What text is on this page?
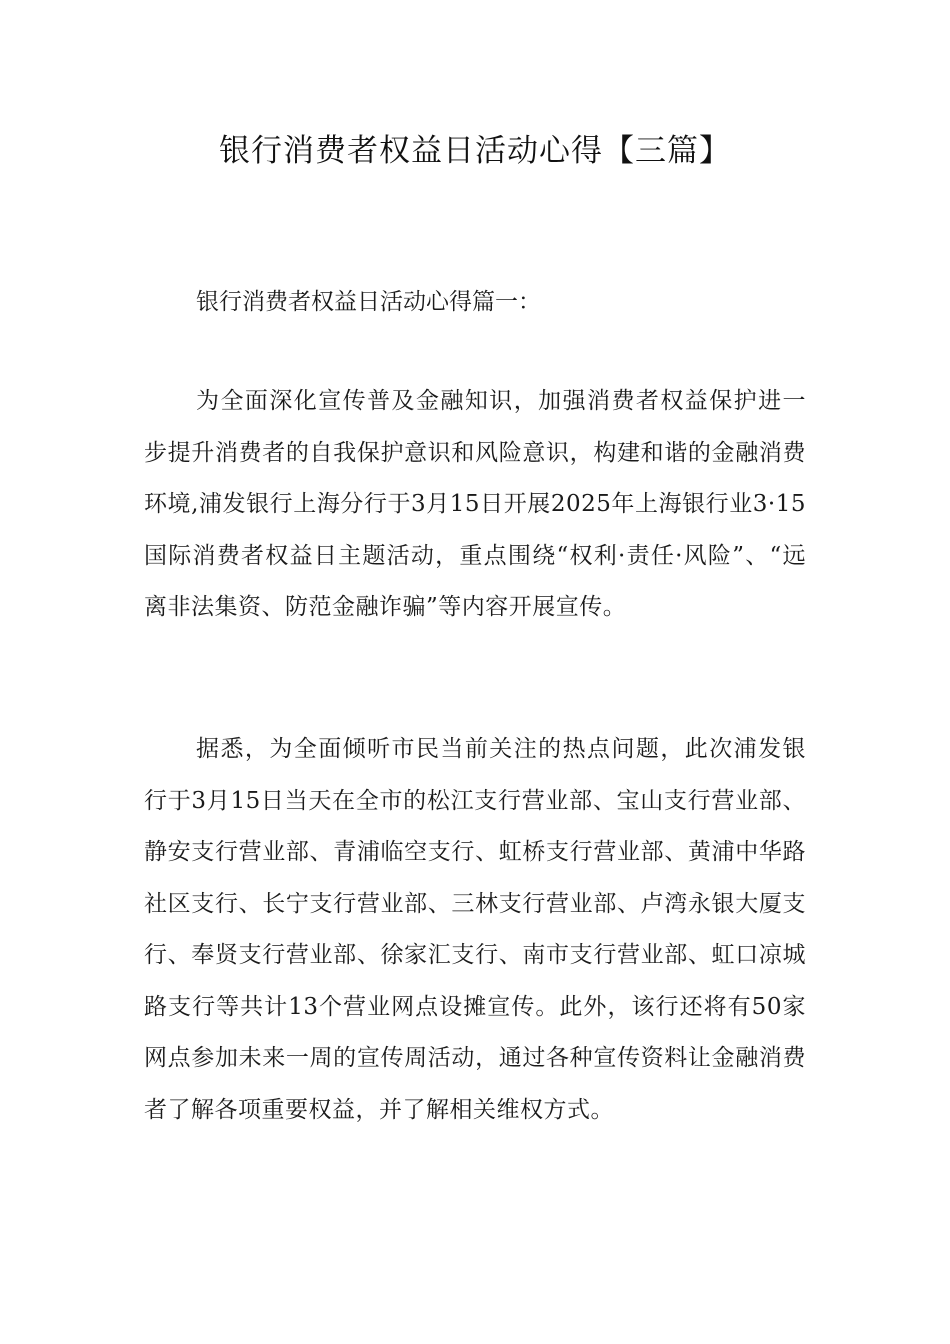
银行消费者权益日活动心得【三篇】

银行消费者权益日活动心得篇一：

为全面深化宣传普及金融知识，加强消费者权益保护进一步提升消费者的自我保护意识和风险意识，构建和谐的金融消费环境,浦发银行上海分行于3月15日开展2025年上海银行业3·15国际消费者权益日主题活动，重点围绕“权利·责任·风险”、“远离非法集资、防范金融诈骗”等内容开展宣传。

据悉，为全面倾听市民当前关注的热点问题，此次浦发银行于3月15日当天在全市的松江支行营业部、宝山支行营业部、静安支行营业部、青浦临空支行、虹桥支行营业部、黄浦中华路社区支行、长宁支行营业部、三林支行营业部、卢湾永银大厦支行、奉贤支行营业部、徐家汇支行、南市支行营业部、虹口凉城路支行等共计13个营业网点设摊宣传。此外，该行还将有50家网点参加未来一周的宣传周活动，通过各种宣传资料让金融消费者了解各项重要权益，并了解相关维权方式。
